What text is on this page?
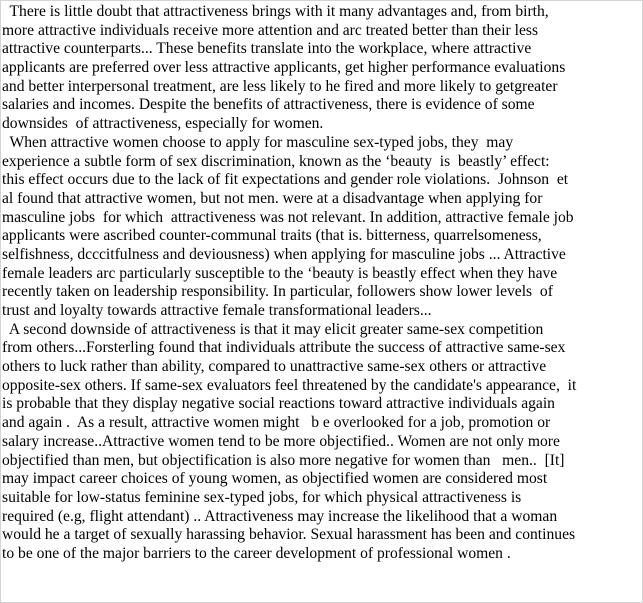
There is little doubt that attractiveness brings with it many advantages and, from birth,
more attractive individuals receive more attention and arc treated better than their less
attractive counterparts... These benefits translate into the workplace, where attractive
applicants are preferred over less attractive applicants, get higher performance evaluations
and better interpersonal treatment, are less likely to he fired and more likely to getgreater
salaries and incomes. Despite the benefits of attractiveness, there is evidence of some
downsides  of attractiveness, especially for women.
When attractive women choose to apply for masculine sex-typed jobs, they  may
experience a subtle form of sex discrimination, known as the ‘beauty  is  beastly’ effect:
this effect occurs due to the lack of fit expectations and gender role violations.  Johnson  et
al found that attractive women, but not men. were at a disadvantage when applying for
masculine jobs  for which  attractiveness was not relevant. In addition, attractive female job
applicants were ascribed counter-communal traits (that is. bitterness, quarrelsomeness,
selfishness, dcccitfulness and deviousness) when applying for masculine jobs ... Attractive
female leaders arc particularly susceptible to the ‘beauty is beastly effect when they have
recently taken on leadership responsibility. In particular, followers show lower levels  of
trust and loyalty towards attractive female transformational leaders...
A second downside of attractiveness is that it may elicit greater same-sex competition
from others...Forsterling found that individuals attribute the success of attractive same-sex
others to luck rather than ability, compared to unattractive same-sex others or attractive
opposite-sex others. If same-sex evaluators feel threatened by the candidate's appearance,  it
is probable that they display negative social reactions toward attractive individuals again
and again .  As a result, attractive women might   b e overlooked for a job, promotion or
salary increase..Attractive women tend to be more objectified.. Women are not only more
objectified than men, but objectification is also more negative for women than   men..  [It]
may impact career choices of young women, as objectified women are considered most
suitable for low-status feminine sex-typed jobs, for which physical attractiveness is
required (e.g, flight attendant) .. Attractiveness may increase the likelihood that a woman
would he a target of sexually harassing behavior. Sexual harassment has been and continues
to be one of the major barriers to the career development of professional women .
